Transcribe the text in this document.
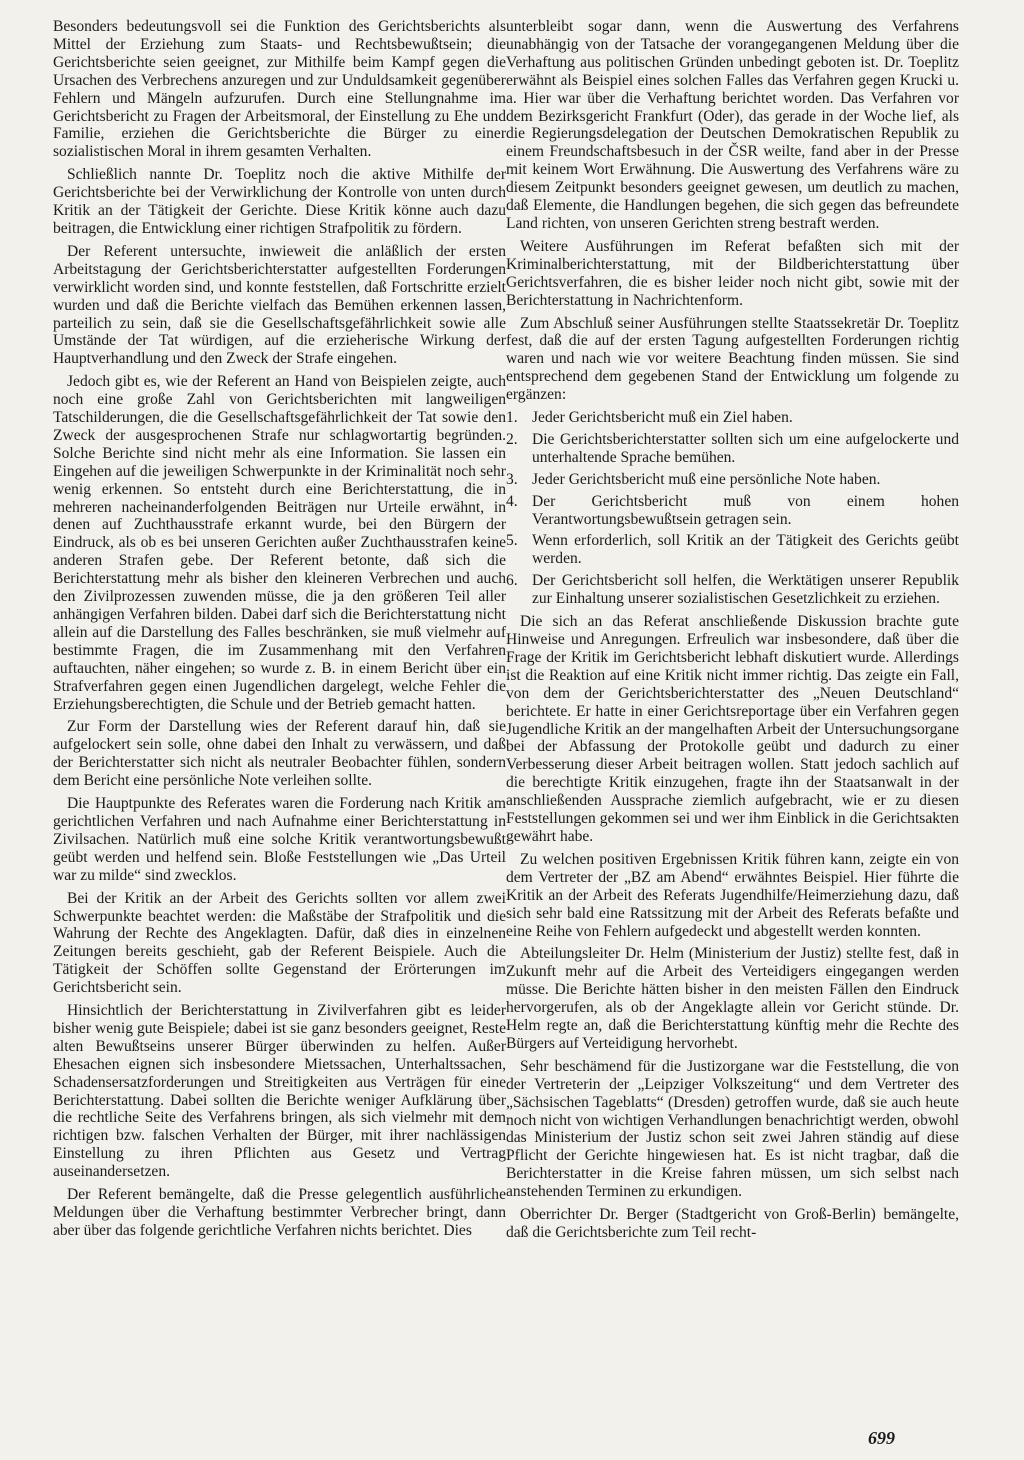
Besonders bedeutungsvoll sei die Funktion des Gerichtsberichts als Mittel der Erziehung zum Staats- und Rechtsbewußtsein; die Gerichtsberichte seien geeignet, zur Mithilfe beim Kampf gegen die Ursachen des Verbrechens anzuregen und zur Unduldsamkeit gegenüber Fehlern und Mängeln aufzurufen. Durch eine Stellungnahme im Gerichtsbericht zu Fragen der Arbeitsmoral, der Einstellung zu Ehe und Familie, erziehen die Gerichtsberichte die Bürger zu einer sozialistischen Moral in ihrem gesamten Verhalten.

Schließlich nannte Dr. Toeplitz noch die aktive Mithilfe der Gerichtsberichte bei der Verwirklichung der Kontrolle von unten durch Kritik an der Tätigkeit der Gerichte. Diese Kritik könne auch dazu beitragen, die Entwicklung einer richtigen Strafpolitik zu fördern.

Der Referent untersuchte, inwieweit die anläßlich der ersten Arbeitstagung der Gerichtsberichterstatter aufgestellten Forderungen verwirklicht worden sind, und konnte feststellen, daß Fortschritte erzielt wurden und daß die Berichte vielfach das Bemühen erkennen lassen, parteilich zu sein, daß sie die Gesellschaftsgefährlichkeit sowie alle Umstände der Tat würdigen, auf die erzieherische Wirkung der Hauptverhandlung und den Zweck der Strafe eingehen.

Jedoch gibt es, wie der Referent an Hand von Beispielen zeigte, auch noch eine große Zahl von Gerichtsberichten mit langweiligen Tatschilderungen, die die Gesellschaftsgefährlichkeit der Tat sowie den Zweck der ausgesprochenen Strafe nur schlagwortartig begründen. Solche Berichte sind nicht mehr als eine Information. Sie lassen ein Eingehen auf die jeweiligen Schwerpunkte in der Kriminalität noch sehr wenig erkennen. So entsteht durch eine Berichterstattung, die in mehreren nacheinanderfolgenden Beiträgen nur Urteile erwähnt, in denen auf Zuchthausstrafe erkannt wurde, bei den Bürgern der Eindruck, als ob es bei unseren Gerichten außer Zuchthausstrafen keine anderen Strafen gebe. Der Referent betonte, daß sich die Berichterstattung mehr als bisher den kleineren Verbrechen und auch den Zivilprozessen zuwenden müsse, die ja den größeren Teil aller anhängigen Verfahren bilden. Dabei darf sich die Berichterstattung nicht allein auf die Darstellung des Falles beschränken, sie muß vielmehr auf bestimmte Fragen, die im Zusammenhang mit den Verfahren auftauchten, näher eingehen; so wurde z. B. in einem Bericht über ein Strafverfahren gegen einen Jugendlichen dargelegt, welche Fehler die Erziehungsberechtigten, die Schule und der Betrieb gemacht hatten.

Zur Form der Darstellung wies der Referent darauf hin, daß sie aufgelockert sein solle, ohne dabei den Inhalt zu verwässern, und daß der Berichterstatter sich nicht als neutraler Beobachter fühlen, sondern dem Bericht eine persönliche Note verleihen sollte.

Die Hauptpunkte des Referates waren die Forderung nach Kritik am gerichtlichen Verfahren und nach Aufnahme einer Berichterstattung in Zivilsachen. Natürlich muß eine solche Kritik verantwortungsbewußt geübt werden und helfend sein. Bloße Feststellungen wie „Das Urteil war zu milde“ sind zwecklos.

Bei der Kritik an der Arbeit des Gerichts sollten vor allem zwei Schwerpunkte beachtet werden: die Maßstäbe der Strafpolitik und die Wahrung der Rechte des Angeklagten. Dafür, daß dies in einzelnen Zeitungen bereits geschieht, gab der Referent Beispiele. Auch die Tätigkeit der Schöffen sollte Gegenstand der Erörterungen im Gerichtsbericht sein.

Hinsichtlich der Berichterstattung in Zivilverfahren gibt es leider bisher wenig gute Beispiele; dabei ist sie ganz besonders geeignet, Reste alten Bewußtseins unserer Bürger überwinden zu helfen. Außer Ehesachen eignen sich insbesondere Mietssachen, Unterhaltssachen, Schadensersatzforderungen und Streitigkeiten aus Verträgen für eine Berichterstattung. Dabei sollten die Berichte weniger Aufklärung über die rechtliche Seite des Verfahrens bringen, als sich vielmehr mit dem richtigen bzw. falschen Verhalten der Bürger, mit ihrer nachlässigen Einstellung zu ihren Pflichten aus Gesetz und Vertrag auseinandersetzen.

Der Referent bemängelte, daß die Presse gelegentlich ausführliche Meldungen über die Verhaftung bestimmter Verbrecher bringt, dann aber über das folgende gerichtliche Verfahren nichts berichtet. Dies

unterbleibt sogar dann, wenn die Auswertung des Verfahrens unabhängig von der Tatsache der vorangegangenen Meldung über die Verhaftung aus politischen Gründen unbedingt geboten ist. Dr. Toeplitz erwähnt als Beispiel eines solchen Falles das Verfahren gegen Krucki u. a. Hier war über die Verhaftung berichtet worden. Das Verfahren vor dem Bezirksgericht Frankfurt (Oder), das gerade in der Woche lief, als die Regierungsdelegation der Deutschen Demokratischen Republik zu einem Freundschaftsbesuch in der ČSR weilte, fand aber in der Presse mit keinem Wort Erwähnung. Die Auswertung des Verfahrens wäre zu diesem Zeitpunkt besonders geeignet gewesen, um deutlich zu machen, daß Elemente, die Handlungen begehen, die sich gegen das befreundete Land richten, von unseren Gerichten streng bestraft werden.

Weitere Ausführungen im Referat befaßten sich mit der Kriminalberichterstattung, mit der Bildberichterstattung über Gerichtsverfahren, die es bisher leider noch nicht gibt, sowie mit der Berichterstattung in Nachrichtenform.

Zum Abschluß seiner Ausführungen stellte Staatssekretär Dr. Toeplitz fest, daß die auf der ersten Tagung aufgestellten Forderungen richtig waren und nach wie vor weitere Beachtung finden müssen. Sie sind entsprechend dem gegebenen Stand der Entwicklung um folgende zu ergänzen:

1. Jeder Gerichtsbericht muß ein Ziel haben.
2. Die Gerichtsberichterstatter sollten sich um eine aufgelockerte und unterhaltende Sprache bemühen.
3. Jeder Gerichtsbericht muß eine persönliche Note haben.
4. Der Gerichtsbericht muß von einem hohen Verantwortungsbewußtsein getragen sein.
5. Wenn erforderlich, soll Kritik an der Tätigkeit des Gerichts geübt werden.
6. Der Gerichtsbericht soll helfen, die Werktätigen unserer Republik zur Einhaltung unserer sozialistischen Gesetzlichkeit zu erziehen.

Die sich an das Referat anschließende Diskussion brachte gute Hinweise und Anregungen. Erfreulich war insbesondere, daß über die Frage der Kritik im Gerichtsbericht lebhaft diskutiert wurde. Allerdings ist die Reaktion auf eine Kritik nicht immer richtig. Das zeigte ein Fall, von dem der Gerichtsberichterstatter des „Neuen Deutschland“ berichtete. Er hatte in einer Gerichtsreportage über ein Verfahren gegen Jugendliche Kritik an der mangelhaften Arbeit der Untersuchungsorgane bei der Abfassung der Protokolle geübt und dadurch zu einer Verbesserung dieser Arbeit beitragen wollen. Statt jedoch sachlich auf die berechtigte Kritik einzugehen, fragte ihn der Staatsanwalt in der anschließenden Aussprache ziemlich aufgebracht, wie er zu diesen Feststellungen gekommen sei und wer ihm Einblick in die Gerichtsakten gewährt habe.

Zu welchen positiven Ergebnissen Kritik führen kann, zeigte ein von dem Vertreter der „BZ am Abend“ erwähntes Beispiel. Hier führte die Kritik an der Arbeit des Referats Jugendhilfe/Heimerziehung dazu, daß sich sehr bald eine Ratssitzung mit der Arbeit des Referats befaßte und eine Reihe von Fehlern aufgedeckt und abgestellt werden konnten.

Abteilungsleiter Dr. Helm (Ministerium der Justiz) stellte fest, daß in Zukunft mehr auf die Arbeit des Verteidigers eingegangen werden müsse. Die Berichte hätten bisher in den meisten Fällen den Eindruck hervorgerufen, als ob der Angeklagte allein vor Gericht stünde. Dr. Helm regte an, daß die Berichterstattung künftig mehr die Rechte des Bürgers auf Verteidigung hervorhebt.

Sehr beschämend für die Justizorgane war die Feststellung, die von der Vertreterin der „Leipziger Volkszeitung“ und dem Vertreter des „Sächsischen Tageblatts“ (Dresden) getroffen wurde, daß sie auch heute noch nicht von wichtigen Verhandlungen benachrichtigt werden, obwohl das Ministerium der Justiz schon seit zwei Jahren ständig auf diese Pflicht der Gerichte hingewiesen hat. Es ist nicht tragbar, daß die Berichterstatter in die Kreise fahren müssen, um sich selbst nach anstehenden Terminen zu erkundigen.

Oberrichter Dr. Berger (Stadtgericht von Groß-Berlin) bemängelte, daß die Gerichtsberichte zum Teil recht-

699
